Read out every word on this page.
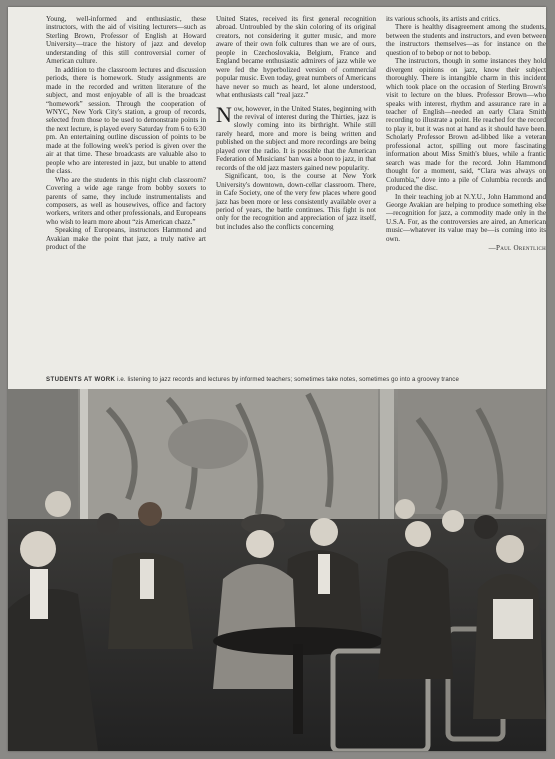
Young, well-informed and enthusiastic, these instructors, with the aid of visiting lecturers—such as Sterling Brown, Professor of English at Howard University—trace the history of jazz and develop understanding of this still controversial corner of American culture.

In addition to the classroom lectures and discussion periods, there is homework. Study assignments are made in the recorded and written literature of the subject, and most enjoyable of all is the broadcast “homework” session. Through the cooperation of WNYC, New York City's station, a group of records, selected from those to be used to demonstrate points in the next lecture, is played every Saturday from 6 to 6:30 pm. An entertaining outline discussion of points to be made at the following week's period is given over the air at that time. These broadcasts are valuable also to people who are interested in jazz, but unable to attend the class.

Who are the students in this night club classroom? Covering a wide age range from bobby soxers to parents of same, they include instrumentalists and composers, as well as housewives, office and factory workers, writers and other professionals, and Europeans who wish to learn more about “zis American chazz.”

Speaking of Europeans, instructors Hammond and Avakian make the point that jazz, a truly native art product of the

United States, received its first general recognition abroad. Untroubled by the skin coloring of its original creators, not considering it gutter music, and more aware of their own folk cultures than we are of ours, people in Czechoslovakia, Belgium, France and England became enthusiastic admirers of jazz while we were fed the hyperbolized version of commercial popular music. Even today, great numbers of Americans have never so much as heard, let alone understood, what enthusiasts call “real jazz.”

Now, however, in the United States, beginning with the revival of interest during the Thirties, jazz is slowly coming into its birthright. While still rarely heard, more and more is being written and published on the subject and more recordings are being played over the radio. It is possible that the American Federation of Musicians' ban was a boon to jazz, in that records of the old jazz masters gained new popularity.

Significant, too, is the course at New York University's downtown, down-cellar classroom. There, in Cafe Society, one of the very few places where good jazz has been more or less consistently available over a period of years, the battle continues. This fight is not only for the recognition and appreciation of jazz itself, but includes also the conflicts concerning

its various schools, its artists and critics.

There is healthy disagreement among the students, between the students and instructors, and even between the instructors themselves—as for instance on the question of to bebop or not to bebop.

The instructors, though in some instances they hold divergent opinions on jazz, know their subject thoroughly. There is intangible charm in this incident which took place on the occasion of Sterling Brown's visit to lecture on the blues. Professor Brown—who speaks with interest, rhythm and assurance rare in a teacher of English—needed an early Clara Smith recording to illustrate a point. He reached for the record to play it, but it was not at hand as it should have been. Scholarly Professor Brown ad-libbed like a veteran professional actor, spilling out more fascinating information about Miss Smith's blues, while a frantic search was made for the record. John Hammond thought for a moment, said, “Clara was always on Columbia,” dove into a pile of Columbia records and produced the disc.

In their teaching job at N.Y.U., John Hammond and George Avakian are helping to produce something else—recognition for jazz, a commodity made only in the U.S.A. For, as the controversies are aired, an American music—whatever its value may be—is coming into its own.

—Paul Orentlich
STUDENTS AT WORK i.e. listening to jazz records and lectures by informed teachers; sometimes take notes, sometimes go into a groovey trance
